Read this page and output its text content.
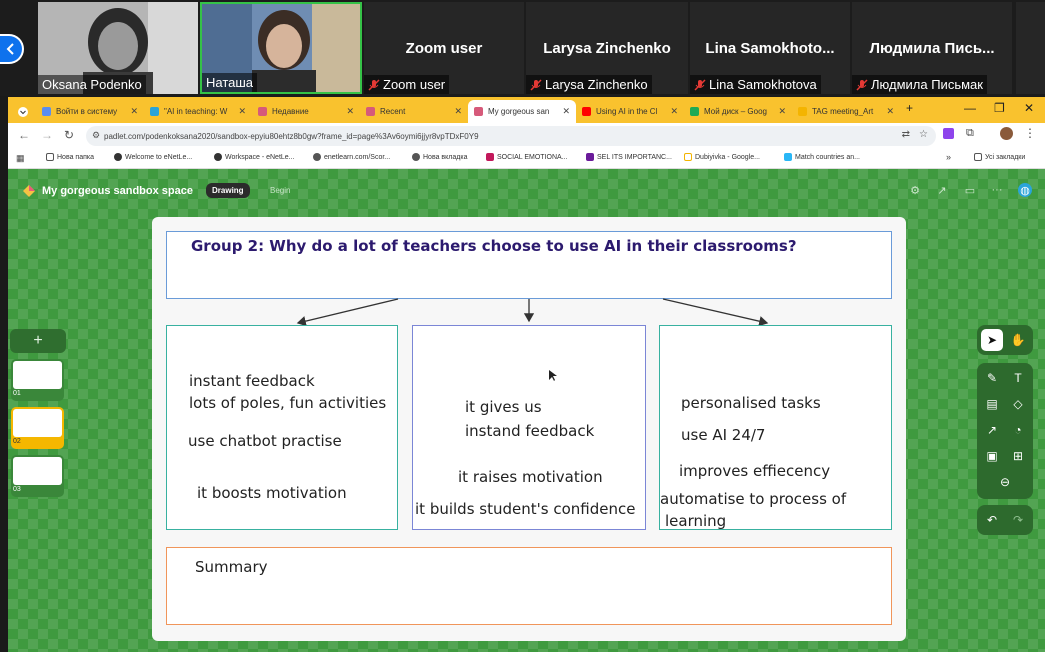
Oksana Podenko	Наташа
Zoom user
Zoom user
Larysa Zinchenko
Larysa Zinchenko
Lina Samokhoto...
Lina Samokhotova
Людмила Пись...
Людмила Письмак
Войти в систему	✕	"AI in teaching: W	✕	Недавние	✕	Recent	✕	My gorgeous san	✕	Using AI in the Cl	✕	Мой диск – Goog	✕	TAG meeting_Art	✕ +	— ❐ ✕
← → ↻ ⚙ padlet.com/podenkoksana2020/sandbox-epyiu80ehtz8b0gw?frame_id=page%3Av6oymi6jjyr8vpTDxF0Y9	⇄ ☆	⧉	⋮
▦	Нова папка	Welcome to eNetLe...	Workspace - eNetLe...	enetlearn.com/Scor...	Нова вкладка	SOCIAL EMOTIONA...	SEL ITS IMPORTANC...	Dubiyivka - Google...	Match countries an...	»	Усі закладки
My gorgeous sandbox space	Drawing	Begin	⚙ ↗ ▭ ··· ◍
+
01
02
03
Group 2: Why do a lot of teachers choose to use AI in their classrooms?
instant feedback
lots of poles, fun activities
use chatbot practise
it boosts motivation
it gives us
instand feedback
it raises motivation
it builds student's confidence
personalised tasks
use AI 24/7
improves effiecency
automatise to process of
learning
Summary
➤	✋
✎	T
▤	◇
↗	◔
▣	⊞
⊖
↶	↷
